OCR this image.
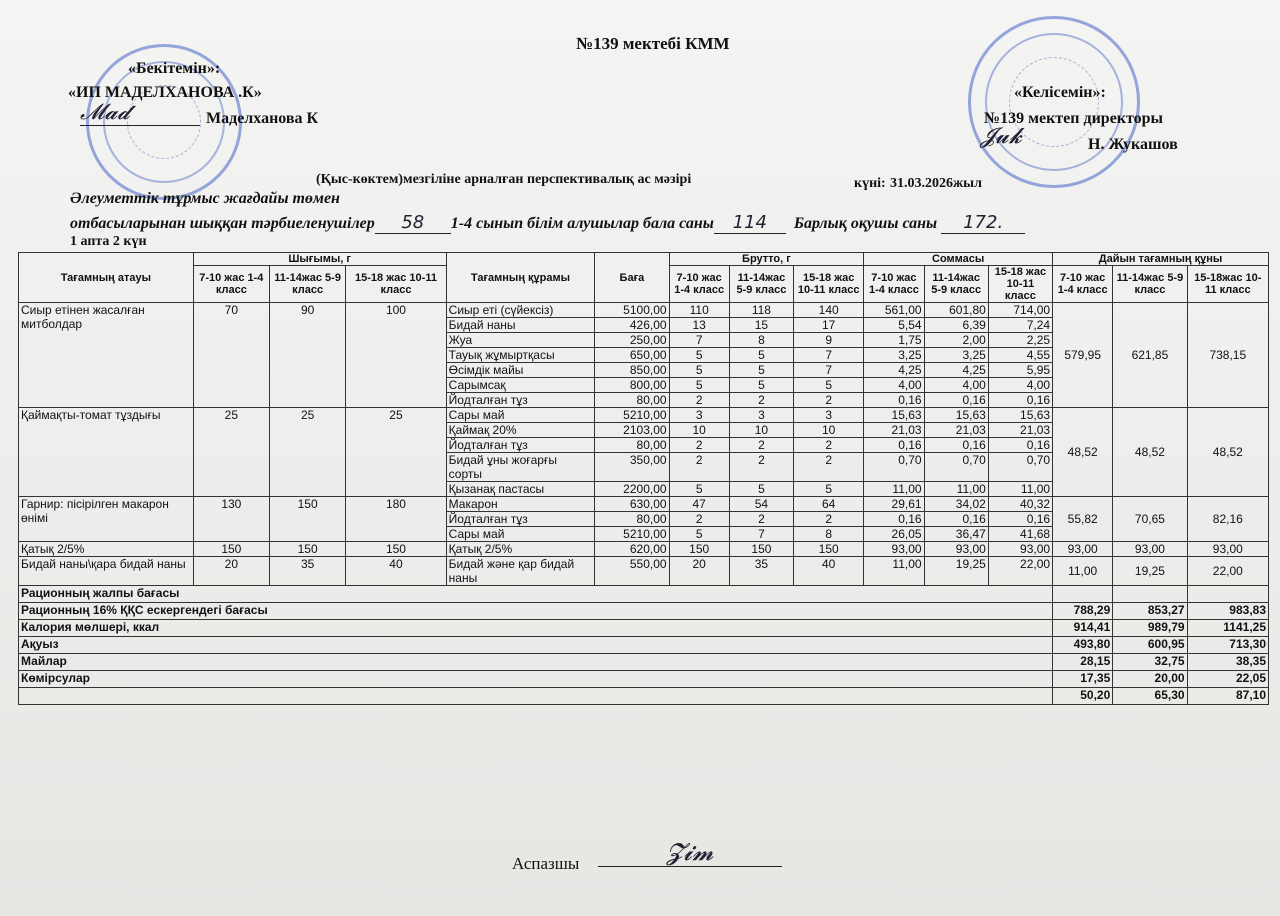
№139 мектебі КММ
«Бекітемін»:
«ИП МАДЕЛХАНОВА .К»
𝓜𝓪𝓭	Маделханова К
«Келісемін»:
№139 мектеп директоры
𝓙𝓾𝓴	Н. Жукашов
(Қыс-көктем)мезгіліне арналған перспективалық ас мәзірі	күні: 31.03.2026жыл
Әлеуметтік тұрмыс жағдайы төмен
отбасыларынан шыққан тәрбиеленушілер 58 1-4 сынып білім алушылар бала саны 114 Барлық оқушы саны 172.
1 апта 2 күн
Тағамның атауы	Шығымы, г			Тағамның құрамы	Баға	Брутто, г			Соммасы			Дайын тағамның құны		
	7-10 жас 1-4 класс	11-14жас 5-9 класс	15-18 жас 10-11 класс			7-10 жас 1-4 класс	11-14жас 5-9 класс	15-18 жас 10-11 класс	7-10 жас 1-4 класс	11-14жас 5-9 класс	15-18 жас 10-11 класс	7-10 жас 1-4 класс	11-14жас 5-9 класс	15-18жас 10-11 класс

Сиыр етінен жасалған митболдар	70	90	100	Сиыр еті (сүйексіз)	5100,00	110	118	140	561,00	601,80	714,00	579,95	621,85	738,15
				Бидай наны	426,00	13	15	17	5,54	6,39	7,24			
				Жуа	250,00	7	8	9	1,75	2,00	2,25			
				Тауық жұмыртқасы	650,00	5	5	7	3,25	3,25	4,55			
				Өсімдік майы	850,00	5	5	7	4,25	4,25	5,95			
				Сарымсақ	800,00	5	5	5	4,00	4,00	4,00			
				Йодталған тұз	80,00	2	2	2	0,16	0,16	0,16			
Қаймақты-томат тұздығы	25	25	25	Сары май	5210,00	3	3	3	15,63	15,63	15,63	48,52	48,52	48,52
				Қаймақ 20%	2103,00	10	10	10	21,03	21,03	21,03			
				Йодталған тұз	80,00	2	2	2	0,16	0,16	0,16			
				Бидай ұны жоғарғы сорты	350,00	2	2	2	0,70	0,70	0,70			
				Қызанақ пастасы	2200,00	5	5	5	11,00	11,00	11,00			
Гарнир: пісірілген макарон өнімі	130	150	180	Макарон	630,00	47	54	64	29,61	34,02	40,32	55,82	70,65	82,16
				Йодталған тұз	80,00	2	2	2	0,16	0,16	0,16			
				Сары май	5210,00	5	7	8	26,05	36,47	41,68			
Қатық 2/5%	150	150	150	Қатық 2/5%	620,00	150	150	150	93,00	93,00	93,00	93,00	93,00	93,00
Бидай наны\қара бидай наны	20	35	40	Бидай және қар бидай наны	550,00	20	35	40	11,00	19,25	22,00	11,00	19,25	22,00
Рационның жалпы бағасы														
Рационның 16% ҚҚС ескергендегі бағасы												788,29	853,27	983,83
Калория мөлшері, ккал												914,41	989,79	1141,25
Ақуыз												493,80	600,95	713,30
Майлар												28,15	32,75	38,35
Көмірсулар												17,35	20,00	22,05
												50,20	65,30	87,10
Аспазшы	𝓩𝓲𝓶
